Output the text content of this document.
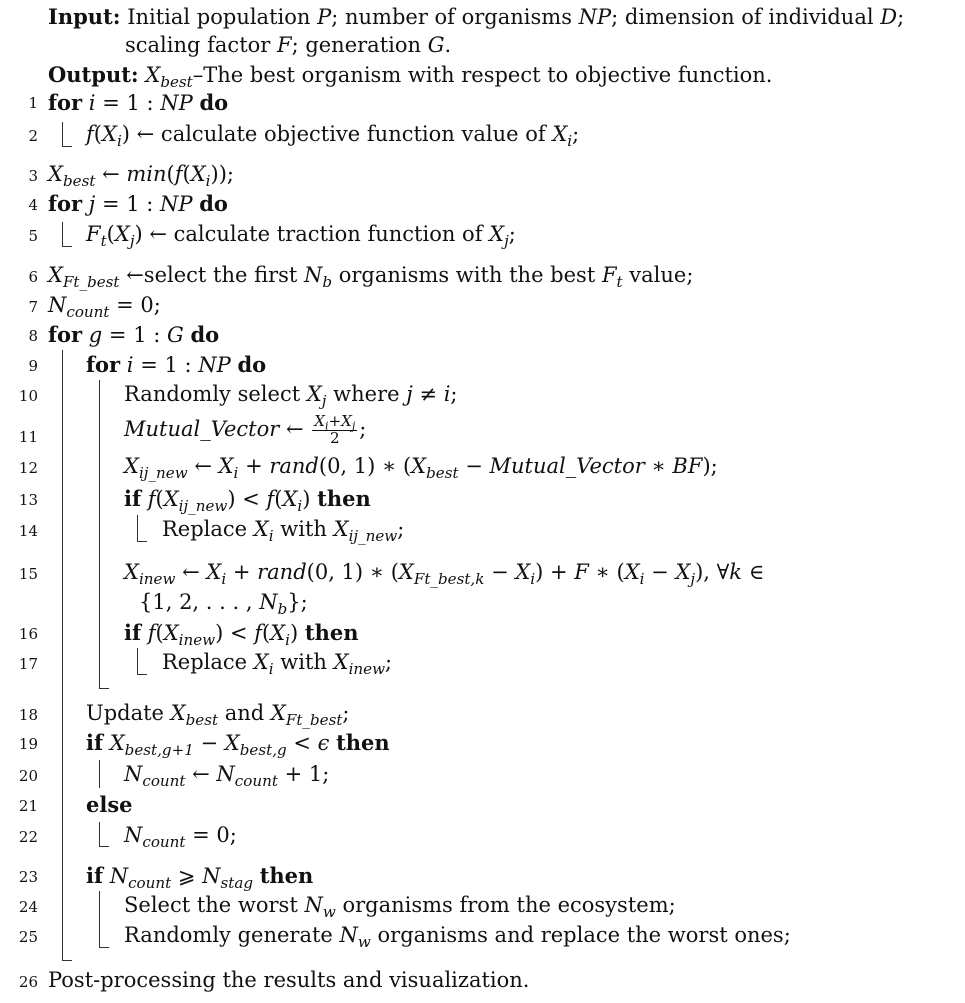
Input: Initial population P; number of organisms NP; dimension of individual D;
scaling factor F; generation G.
Output: $X_{best}$–The best organism with respect to objective function.
1 for i = 1 : NP do
2 $f(X_i)$ ← calculate objective function value of $X_i$;
3 $X_{best}$ ← $\min(f(X_i))$;
4 for j = 1 : NP do
5 $F_t(X_j)$ ← calculate traction function of $X_j$;
6 $X_{Ft\_best}$ ←select the first $N_b$ organisms with the best $F_t$ value;
7 $N_{count} = 0$;
8 for g = 1 : G do
9 for i = 1 : NP do
10	Randomly select $X_j$ where j ≠ i;
11	Mutual_Vector ← $\frac{X_i+X_j}{2}$ ;
12	$X_{ij\_new}$ ← $X_i$ + rand(0, 1) ∗ ($X_{best}$ − Mutual_Vector ∗ BF);
13	if $f(X_{ij\_new}) < f(X_i)$ then
14	Replace $X_i$ with $X_{ij\_new}$;
15	$X_{inew}$ ← $X_i$ + rand(0, 1) ∗ $(X_{Ft\_best,k} - X_i) + F$ ∗ $(X_i - X_j)$, ∀k ∈
{1, 2, . . . , $N_b$};
16	if $f(X_{inew}) < f(X_i)$ then
17	Replace $X_i$ with $X_{inew}$;
18 Update $X_{best}$ and $X_{Ft\_best}$;
19 if $X_{best,g+1} - X_{best,g} < \epsilon$ then
20	$N_{count}$ ← $N_{count} + 1$;
21 else
22	$N_{count} = 0$;
23 if $N_{count}$ ⩾ $N_{stag}$ then
24	Select the worst $N_w$ organisms from the ecosystem;
25	Randomly generate $N_w$ organisms and replace the worst ones;
26 Post-processing the results and visualization.
